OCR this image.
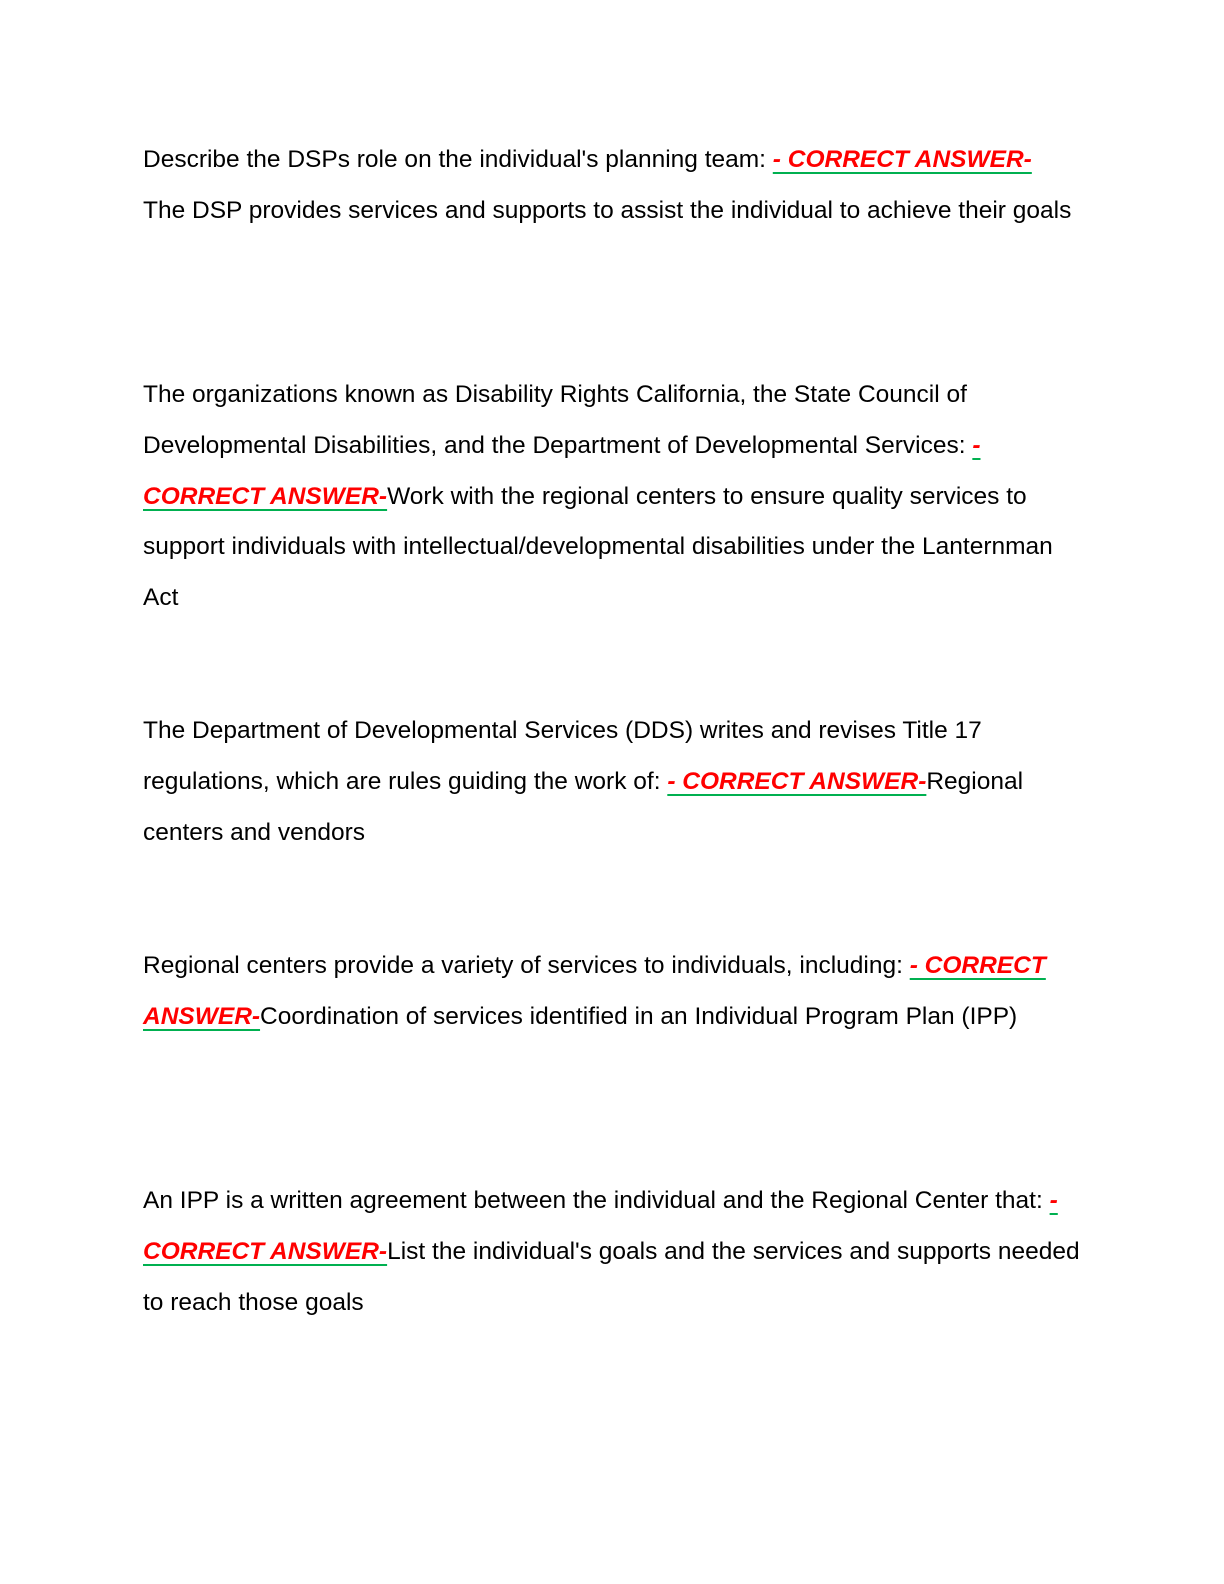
Describe the DSPs role on the individual's planning team: - CORRECT ANSWER-
The DSP provides services and supports to assist the individual to achieve their goals

The organizations known as Disability Rights California, the State Council of Developmental Disabilities, and the Department of Developmental Services: - CORRECT ANSWER-Work with the regional centers to ensure quality services to support individuals with intellectual/developmental disabilities under the Lanternman Act

The Department of Developmental Services (DDS) writes and revises Title 17 regulations, which are rules guiding the work of: - CORRECT ANSWER-Regional centers and vendors

Regional centers provide a variety of services to individuals, including: - CORRECT ANSWER-Coordination of services identified in an Individual Program Plan (IPP)

An IPP is a written agreement between the individual and the Regional Center that: - CORRECT ANSWER-List the individual's goals and the services and supports needed to reach those goals
